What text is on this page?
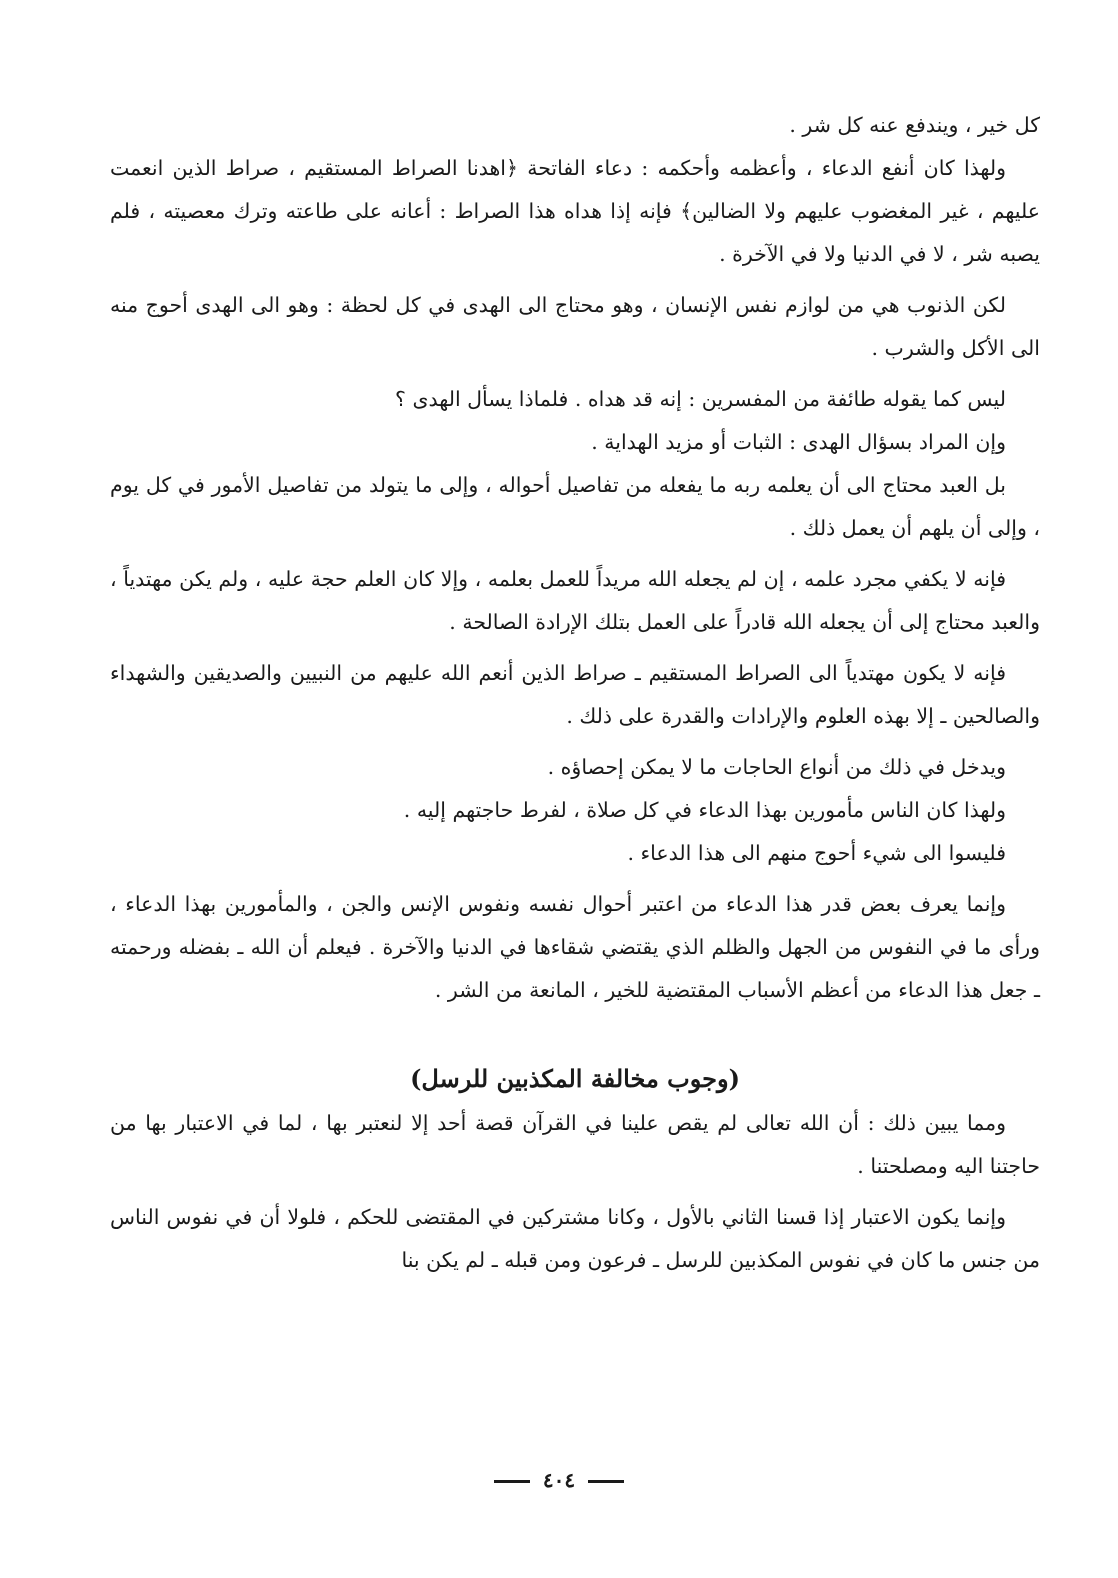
كل خير ، ويندفع عنه كل شر .

ولهذا كان أنفع الدعاء ، وأعظمه وأحكمه : دعاء الفاتحة ﴿اهدنا الصراط المستقيم ، صراط الذين انعمت عليهم ، غير المغضوب عليهم ولا الضالين﴾ فإنه إذا هداه هذا الصراط : أعانه على طاعته وترك معصيته ، فلم يصبه شر ، لا في الدنيا ولا في الآخرة .

لكن الذنوب هي من لوازم نفس الإنسان ، وهو محتاج الى الهدى في كل لحظة : وهو الى الهدى أحوج منه الى الأكل والشرب .

ليس كما يقوله طائفة من المفسرين : إنه قد هداه . فلماذا يسأل الهدى ؟

وإن المراد بسؤال الهدى : الثبات أو مزيد الهداية .

بل العبد محتاج الى أن يعلمه ربه ما يفعله من تفاصيل أحواله ، وإلى ما يتولد من تفاصيل الأمور في كل يوم ، وإلى أن يلهم أن يعمل ذلك .

فإنه لا يكفي مجرد علمه ، إن لم يجعله الله مريداً للعمل بعلمه ، وإلا كان العلم حجة عليه ، ولم يكن مهتدياً ، والعبد محتاج إلى أن يجعله الله قادراً على العمل بتلك الإرادة الصالحة .

فإنه لا يكون مهتدياً الى الصراط المستقيم ـ صراط الذين أنعم الله عليهم من النبيين والصديقين والشهداء والصالحين ـ إلا بهذه العلوم والإرادات والقدرة على ذلك .

ويدخل في ذلك من أنواع الحاجات ما لا يمكن إحصاؤه .

ولهذا كان الناس مأمورين بهذا الدعاء في كل صلاة ، لفرط حاجتهم إليه .

فليسوا الى شيء أحوج منهم الى هذا الدعاء .

وإنما يعرف بعض قدر هذا الدعاء من اعتبر أحوال نفسه ونفوس الإنس والجن ، والمأمورين بهذا الدعاء ، ورأى ما في النفوس من الجهل والظلم الذي يقتضي شقاءها في الدنيا والآخرة . فيعلم أن الله ـ بفضله ورحمته ـ جعل هذا الدعاء من أعظم الأسباب المقتضية للخير ، المانعة من الشر .

(وجوب مخالفة المكذبين للرسل)

ومما يبين ذلك : أن الله تعالى لم يقص علينا في القرآن قصة أحد إلا لنعتبر بها ، لما في الاعتبار بها من حاجتنا اليه ومصلحتنا .

وإنما يكون الاعتبار إذا قسنا الثاني بالأول ، وكانا مشتركين في المقتضى للحكم ، فلولا أن في نفوس الناس من جنس ما كان في نفوس المكذبين للرسل ـ فرعون ومن قبله ـ لم يكن بنا

٤٠٤
